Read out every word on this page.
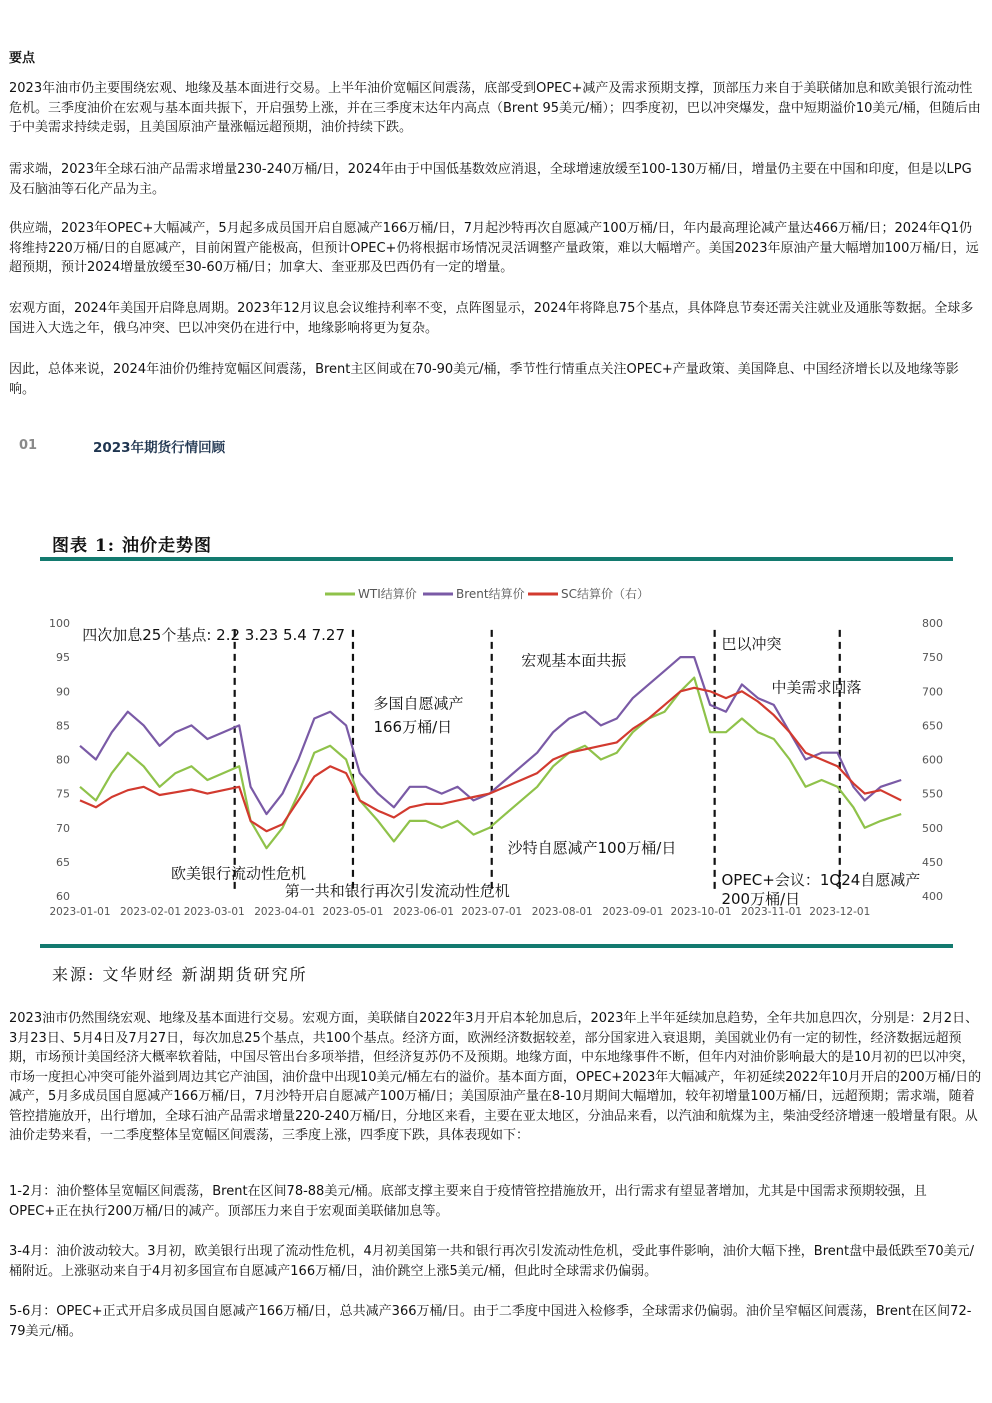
要点

2023年油市仍主要围绕宏观、地缘及基本面进行交易。上半年油价宽幅区间震荡，底部受到OPEC+减产及需求预期支撑，顶部压力来自于美联储加息和欧美银行流动性危机。三季度油价在宏观与基本面共振下，开启强势上涨，并在三季度末达年内高点（Brent 95美元/桶）；四季度初，巴以冲突爆发，盘中短期溢价10美元/桶，但随后由于中美需求持续走弱，且美国原油产量涨幅远超预期，油价持续下跌。

需求端，2023年全球石油产品需求增量230-240万桶/日，2024年由于中国低基数效应消退，全球增速放缓至100-130万桶/日，增量仍主要在中国和印度，但是以LPG及石脑油等石化产品为主。

供应端，2023年OPEC+大幅减产，5月起多成员国开启自愿减产166万桶/日，7月起沙特再次自愿减产100万桶/日，年内最高理论减产量达466万桶/日；2024年Q1仍将维持220万桶/日的自愿减产，目前闲置产能极高，但预计OPEC+仍将根据市场情况灵活调整产量政策，难以大幅增产。美国2023年原油产量大幅增加100万桶/日，远超预期，预计2024增量放缓至30-60万桶/日；加拿大、奎亚那及巴西仍有一定的增量。

宏观方面，2024年美国开启降息周期。2023年12月议息会议维持利率不变，点阵图显示，2024年将降息75个基点，具体降息节奏还需关注就业及通胀等数据。全球多国进入大选之年，俄乌冲突、巴以冲突仍在进行中，地缘影响将更为复杂。

因此，总体来说，2024年油价仍维持宽幅区间震荡，Brent主区间或在70-90美元/桶，季节性行情重点关注OPEC+产量政策、美国降息、中国经济增长以及地缘等影响。

01	2023年期货行情回顾
图表 1: 油价走势图
60
65
70
75
80
85
90
95
100
400
450
500
550
600
650
700
750
800
2023-01-01 2023-02-01 2023-03-01 2023-04-01 2023-05-01 2023-06-01 2023-07-01 2023-08-01 2023-09-01 2023-10-01 2023-11-01 2023-12-01
WTI结算价	Brent结算价	SC结算价（右）
四次加息25个基点: 2.2 3.23 5.4 7.27
欧美银行流动性危机
第一共和银行再次引发流动性危机
多国自愿减产
166万桶/日
宏观基本面共振
沙特自愿减产100万桶/日
巴以冲突
中美需求回落
OPEC+会议：1Q24自愿减产
200万桶/日
来源: 文华财经 新湖期货研究所

2023油市仍然围绕宏观、地缘及基本面进行交易。宏观方面，美联储自2022年3月开启本轮加息后，2023年上半年延续加息趋势，全年共加息四次，分别是：2月2日、3月23日、5月4日及7月27日，每次加息25个基点，共100个基点。经济方面，欧洲经济数据较差，部分国家进入衰退期，美国就业仍有一定的韧性，经济数据远超预期，市场预计美国经济大概率软着陆，中国尽管出台多项举措，但经济复苏仍不及预期。地缘方面，中东地缘事件不断，但年内对油价影响最大的是10月初的巴以冲突，市场一度担心冲突可能外溢到周边其它产油国，油价盘中出现10美元/桶左右的溢价。基本面方面，OPEC+2023年大幅减产，年初延续2022年10月开启的200万桶/日的减产，5月多成员国自愿减产166万桶/日，7月沙特开启自愿减产100万桶/日；美国原油产量在8-10月期间大幅增加，较年初增量100万桶/日，远超预期；需求端，随着管控措施放开，出行增加，全球石油产品需求增量220-240万桶/日，分地区来看，主要在亚太地区，分油品来看，以汽油和航煤为主，柴油受经济增速一般增量有限。从油价走势来看，一二季度整体呈宽幅区间震荡，三季度上涨，四季度下跌，具体表现如下：

1-2月：油价整体呈宽幅区间震荡，Brent在区间78-88美元/桶。底部支撑主要来自于疫情管控措施放开，出行需求有望显著增加，尤其是中国需求预期较强，且OPEC+正在执行200万桶/日的减产。顶部压力来自于宏观面美联储加息等。

3-4月：油价波动较大。3月初，欧美银行出现了流动性危机，4月初美国第一共和银行再次引发流动性危机，受此事件影响，油价大幅下挫，Brent盘中最低跌至70美元/桶附近。上涨驱动来自于4月初多国宣布自愿减产166万桶/日，油价跳空上涨5美元/桶，但此时全球需求仍偏弱。

5-6月：OPEC+正式开启多成员国自愿减产166万桶/日，总共减产366万桶/日。由于二季度中国进入检修季，全球需求仍偏弱。油价呈窄幅区间震荡，Brent在区间72-79美元/桶。
